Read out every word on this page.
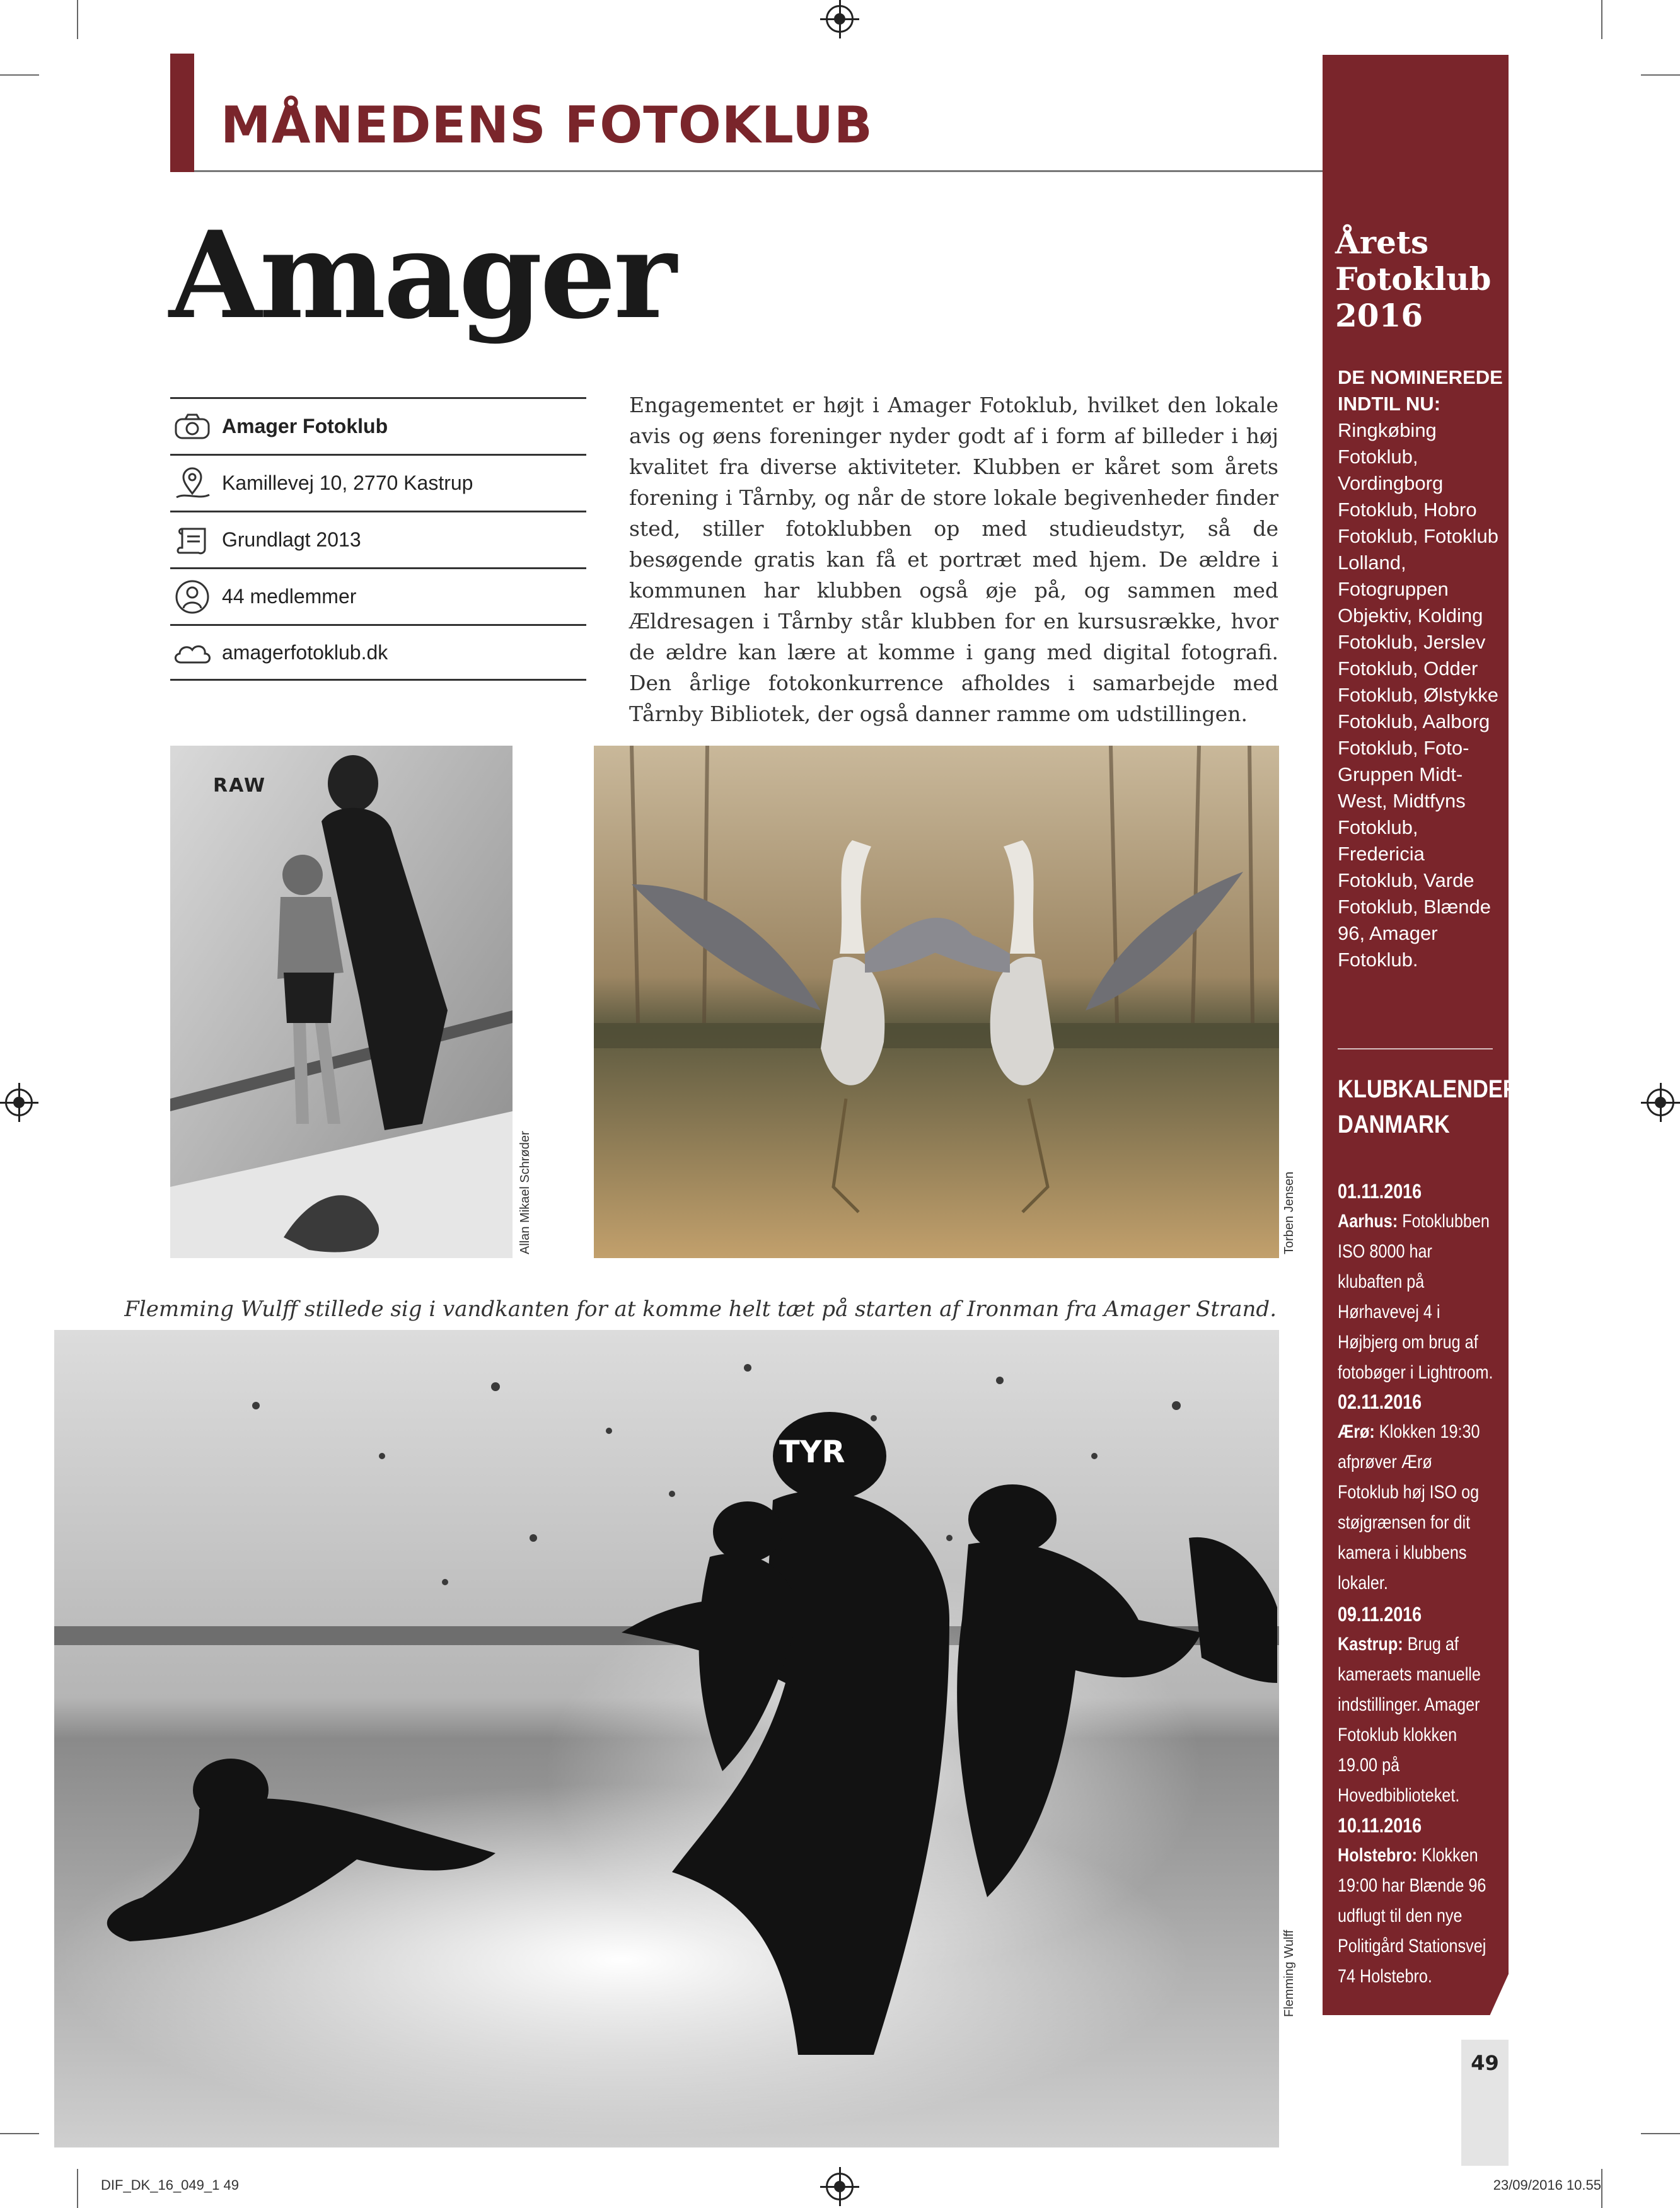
MÅNEDENS FOTOKLUB
Amager
Amager Fotoklub
Kamillevej 10, 2770 Kastrup
Grundlagt 2013
44 medlemmer
amagerfotoklub.dk
Engagementet er højt i Amager Fotoklub, hvilket den lokale avis og øens foreninger nyder godt af i form af billeder i høj kvalitet fra diverse aktiviteter. Klubben er kåret som årets forening i Tårnby, og når de store lokale begivenheder finder sted, stiller fotoklubben op med studieudstyr, så de besøgende gratis kan få et portræt med hjem. De ældre i kommunen har klubben også øje på, og sammen med Ældresagen i Tårnby står klubben for en kursusrække, hvor de ældre kan lære at komme i gang med digital fotografi. Den årlige fotokonkurrence afholdes i samarbejde med Tårnby Bibliotek, der også danner ramme om udstillingen.
RAW
Allan Mikael Schrøder	Torben Jensen
Flemming Wulff stillede sig i vandkanten for at komme helt tæt på starten af Ironman fra Amager Strand.
TYR
Flemming Wulff
Årets
Fotoklub
2016
DE NOMINEREDE INDTIL NU: Ringkøbing Fotoklub, Vordingborg Fotoklub, Hobro Fotoklub, Fotoklub Lolland, Fotogruppen Objektiv, Kolding Fotoklub, Jerslev Fotoklub, Odder Fotoklub, Ølstykke Fotoklub, Aalborg Fotoklub, Foto-Gruppen Midt-West, Midtfyns Fotoklub, Fredericia Fotoklub, Varde Fotoklub, Blænde 96, Amager Fotoklub.
KLUBKALENDER
DANMARK
01.11.2016
Aarhus: Fotoklubben ISO 8000 har klubaften på Hørhavevej 4 i Højbjerg om brug af fotobøger i Lightroom.
02.11.2016
Ærø: Klokken 19:30 afprøver Ærø Fotoklub høj ISO og støjgrænsen for dit kamera i klubbens lokaler.
09.11.2016
Kastrup: Brug af kameraets manuelle indstillinger. Amager Fotoklub klokken 19.00 på Hovedbiblioteket.
10.11.2016
Holstebro: Klokken 19:00 har Blænde 96 udflugt til den nye Politigård Stationsvej 74 Holstebro.
49
DIF_DK_16_049_1 49	23/09/2016 10.55
